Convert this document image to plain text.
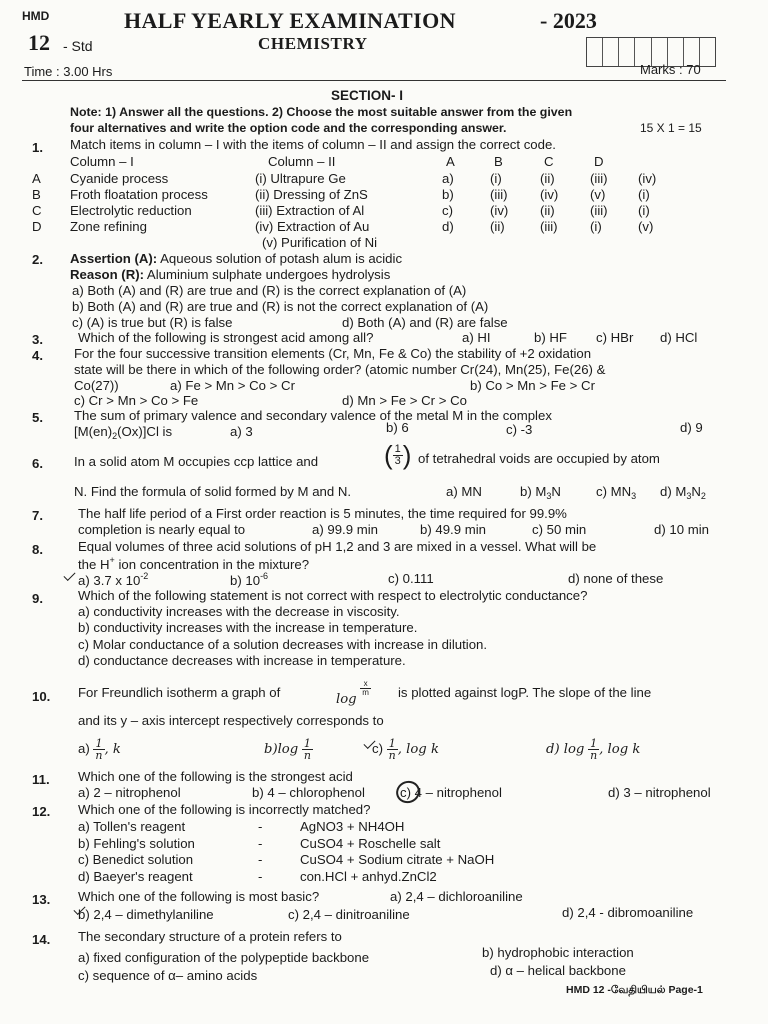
HMD
12 - Std
HALF YEARLY EXAMINATION	- 2023
CHEMISTRY
Time : 3.00 Hrs	Marks : 70
SECTION- I
Note: 1) Answer all the questions. 2) Choose the most suitable answer from the given
four alternatives and write the option code and the corresponding answer.	15 X 1 = 15
1. Match items in column – I with the items of column – II and assign the correct code.
Column – I	Column – II	A	B	C	D
A Cyanide process	(i) Ultrapure Ge	a)	(i)	(ii)	(iii) (iv)
B Froth floatation process	(ii) Dressing of ZnS	b)	(iii) (iv) (v) (i)
C Electrolytic reduction	(iii) Extraction of Al	c)	(iv) (ii)	(iii) (i)
D Zone refining	(iv) Extraction of Au	d)	(ii)	(iii) (i)	(v)
(v) Purification of Ni
2. Assertion (A): Aqueous solution of potash alum is acidic
Reason (R): Aluminium sulphate undergoes hydrolysis
a) Both (A) and (R) are true and (R) is the correct explanation of (A)
b) Both (A) and (R) are true and (R) is not the correct explanation of (A)
c) (A) is true but (R) is false	d) Both (A) and (R) are false
3.	Which of the following is strongest acid among all?	a) HI	b) HF c) HBr d) HCl
4. For the four successive transition elements (Cr, Mn, Fe & Co) the stability of +2 oxidation
state will be there in which of the following order? (atomic number Cr(24), Mn(25), Fe(26) &
Co(27))	a) Fe > Mn > Co > Cr	b) Co > Mn > Fe > Cr
c) Cr > Mn > Co > Fe	d) Mn > Fe > Cr > Co
5. The sum of primary valence and secondary valence of the metal M in the complex
$[M(en)_2(Ox)]Cl$ is	a) 3	b) 6	c) -3	d) 9
6. In a solid atom M occupies ccp lattice and	( $\frac{1}{3}$ ) of tetrahedral voids are occupied by atom
N. Find the formula of solid formed by M and N.	a) MN	b) $M_3N$	c) $MN_3$ d) $M_3N_2$
7.	The half life period of a First order reaction is 5 minutes, the time required for 99.9%
completion is nearly equal to	a) 99.9 min	b) 49.9 min	c) 50 min	d) 10 min
8.	Equal volumes of three acid solutions of pH 1,2 and 3 are mixed in a vessel. What will be
the H+ ion concentration in the mixture?
a) 3.7 x $10^{-2}$	b) $10^{-6}$	c) 0.111	d) none of these
9.	Which of the following statement is not correct with respect to electrolytic conductance?
a) conductivity increases with the decrease in viscosity.
b) conductivity increases with the increase in temperature.
c) Molar conductance of a solution decreases with increase in dilution.
d) conductance decreases with increase in temperature.
10. For Freundlich isotherm a graph of	log
$\frac{x}{m}$ is plotted against logP. The slope of the line
and its y – axis intercept respectively corresponds to
$a) \frac{1}{n}$ , k	$b)\log \frac{1}{n}$	$c) \frac{1}{n}$ , log k	d) $\log \frac{1}{n}$ , log k
11. Which one of the following is the strongest acid
a) 2 – nitrophenol	b) 4 – chlorophenol	c) 4 – nitrophenol	d) 3 – nitrophenol
12. Which one of the following is incorrectly matched?
a) Tollen's reagent	-	AgNO3 + NH4OH
b) Fehling's solution	-	CuSO4 + Roschelle salt
c) Benedict solution	-	CuSO4 + Sodium citrate + NaOH
d) Baeyer's reagent	-	con.HCl + anhyd.ZnCl2
13. Which one of the following is most basic?	a) 2,4 – dichloroaniline
b) 2,4 – dimethylaniline	c) 2,4 – dinitroaniline	d) 2,4 - dibromoaniline
14. The secondary structure of a protein refers to
a) fixed configuration of the polypeptide backbone	b) hydrophobic interaction
c) sequence of α– amino acids	d) α – helical backbone
HMD 12 -வேதியியல் Page-1
